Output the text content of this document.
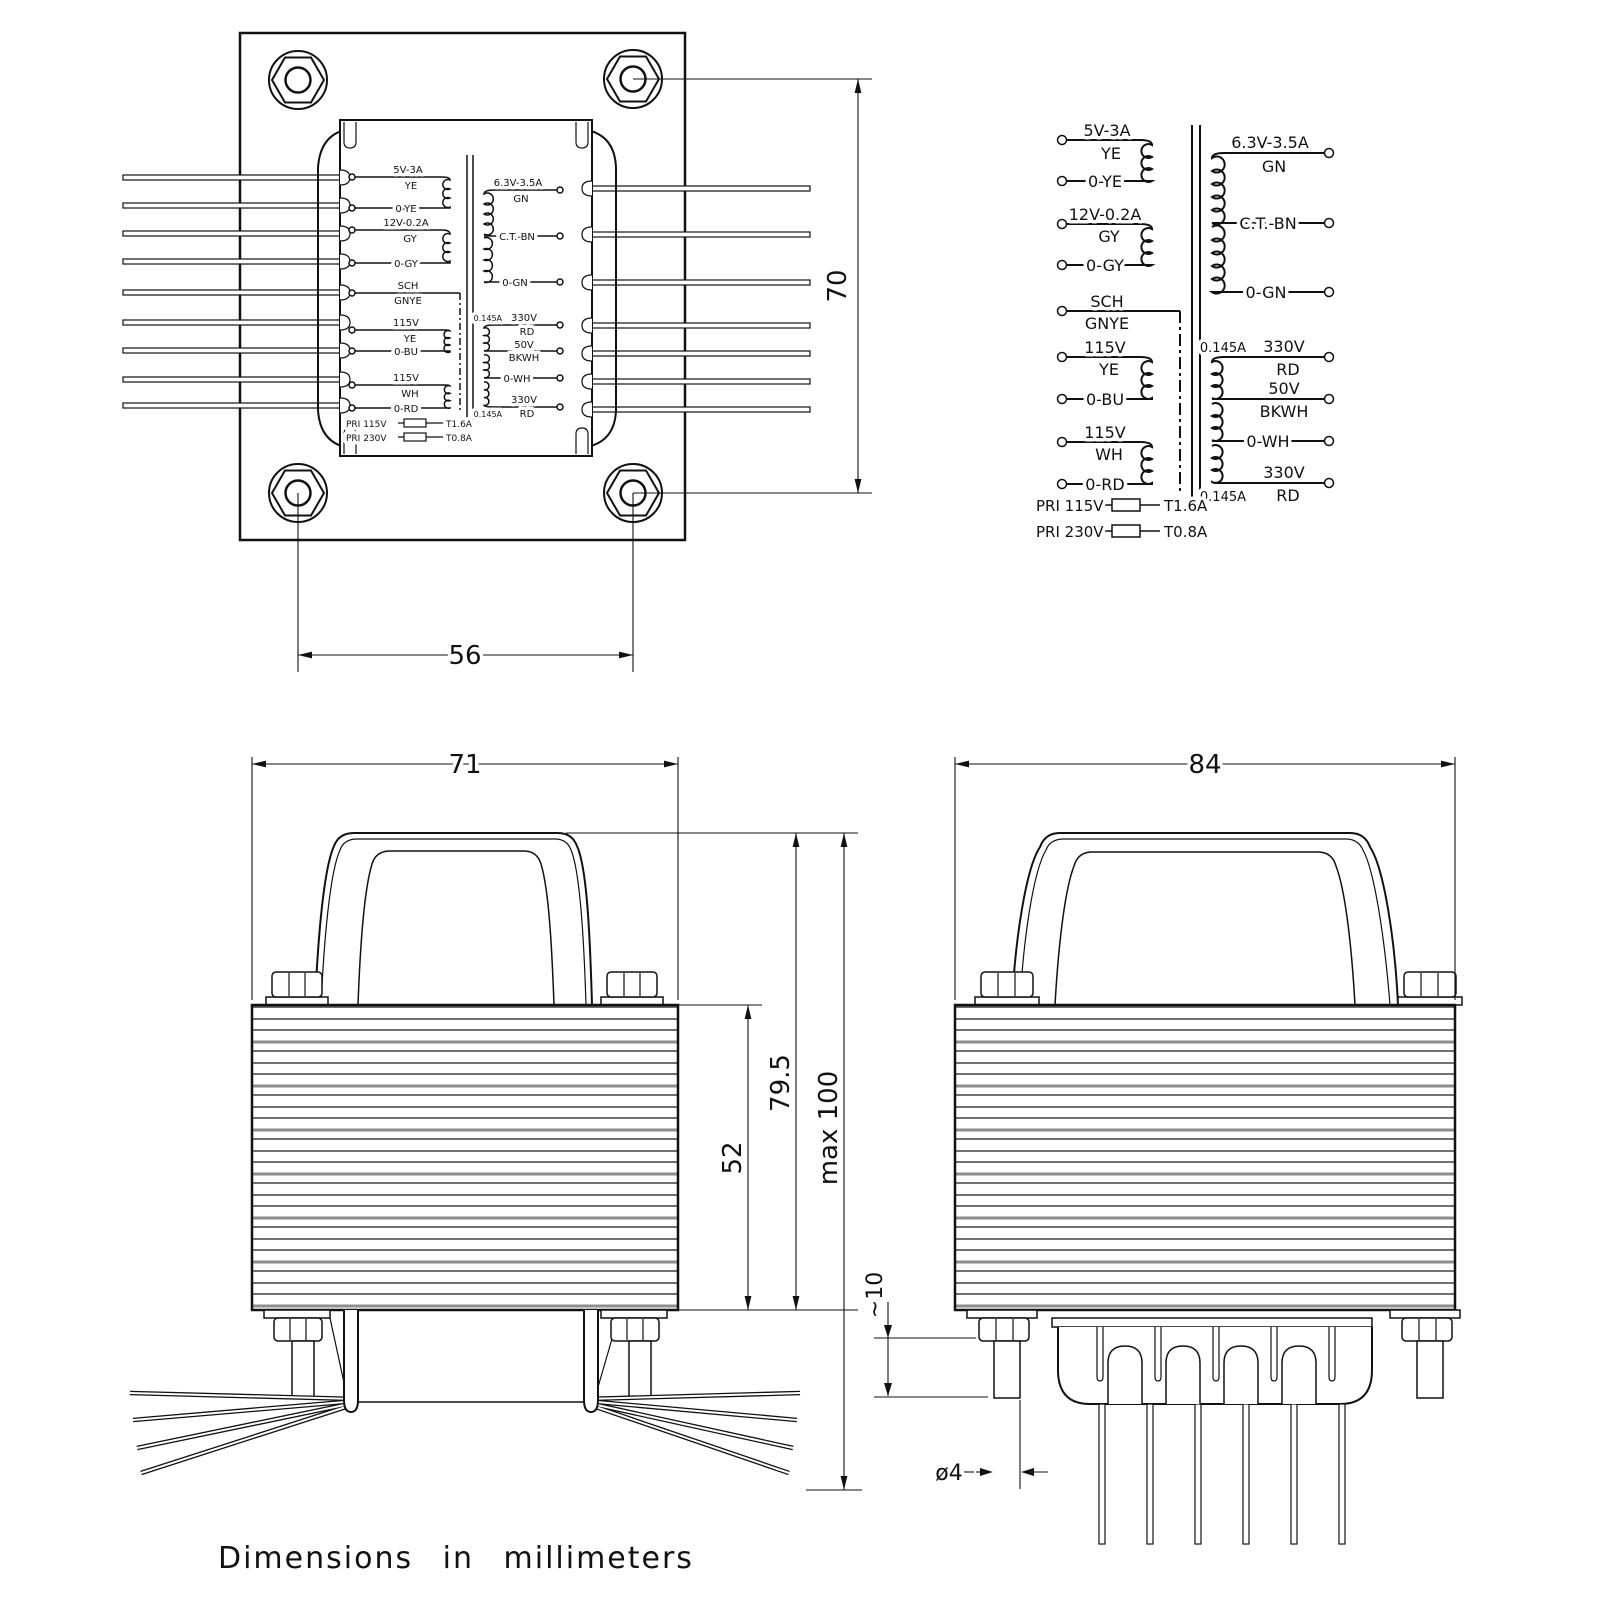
5V-3A
YE
0-YE
12V-0.2A
GY
0-GY
SCH
GNYE
115V
YE
0-BU
115V
WH
0-RD
6.3V-3.5A
GN
C.T.-BN
0-GN
0.145A 330V
RD
50V
BKWH
0-WH
330V
RD
0.145A
PRI 115V	T1.6A
PRI 230V	T0.8A
70
56
5V-3A
YE
0-YE
12V-0.2A
GY
0-GY
SCH
GNYE
115V
YE
0-BU
115V
WH
0-RD
6.3V-3.5A
GN
C.T.-BN
0-GN
0.145A 330V
RD
50V
BKWH
0-WH
330V
RD
0.145A
PRI 115V	T1.6A
PRI 230V	T0.8A
71
52
79.5 max 100
84
~10
ø4
Dimensions in millimeters
